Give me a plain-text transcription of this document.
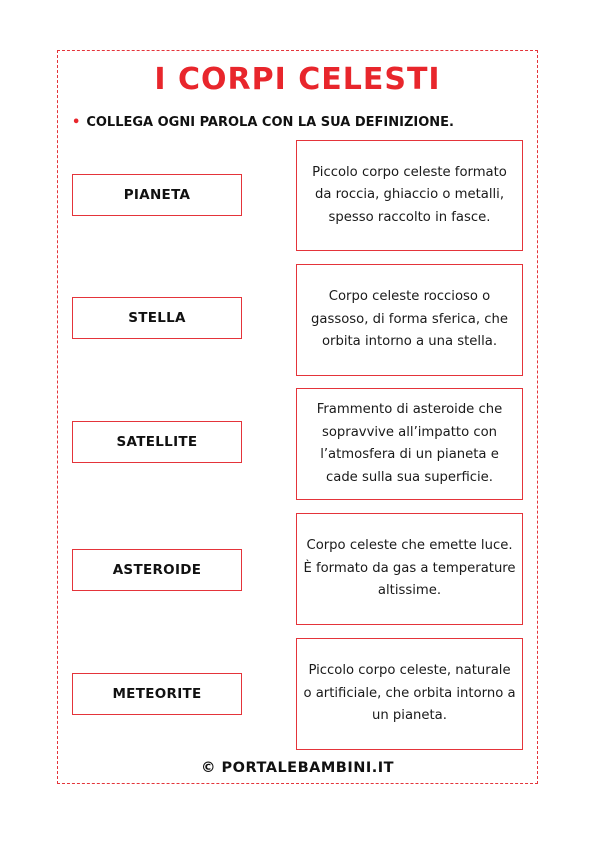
I CORPI CELESTI
• COLLEGA OGNI PAROLA CON LA SUA DEFINIZIONE.
PIANETA
STELLA
SATELLITE
ASTEROIDE
METEORITE
Piccolo corpo celeste formato da roccia, ghiaccio o metalli, spesso raccolto in fasce.
Corpo celeste roccioso o gassoso, di forma sferica, che orbita intorno a una stella.
Frammento di asteroide che sopravvive all’impatto con l’atmosfera di un pianeta e cade sulla sua superficie.
Corpo celeste che emette luce. È formato da gas a temperature altissime.
Piccolo corpo celeste, naturale o artificiale, che orbita intorno a un pianeta.
© PORTALEBAMBINI.IT
